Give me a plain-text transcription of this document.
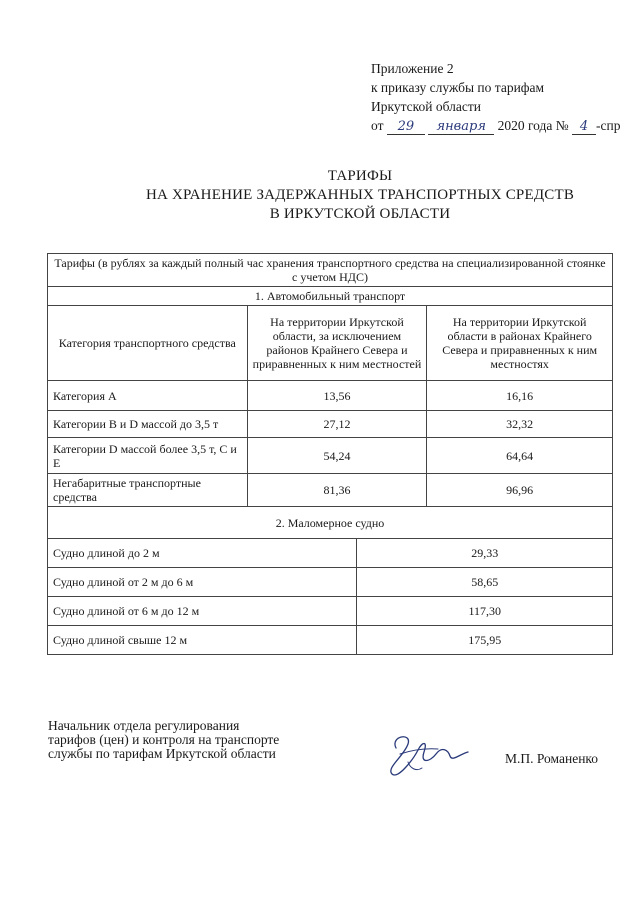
Приложение 2
к приказу службы по тарифам
Иркутской области
от 29 января 2020 года № 4 -спр
ТАРИФЫ
НА ХРАНЕНИЕ ЗАДЕРЖАННЫХ ТРАНСПОРТНЫХ СРЕДСТВ
В ИРКУТСКОЙ ОБЛАСТИ
Тарифы (в рублях за каждый полный час хранения транспортного средства на специализированной стоянке с учетом НДС)			
1. Автомобильный транспорт			
Категория транспортного средства	На территории Иркутской области, за исключением районов Крайнего Севера и приравненных к ним местностей		На территории Иркутской области в районах Крайнего Севера и приравненных к ним местностях
Категория А	13,56		16,16
Категории B и D массой до 3,5 т	27,12		32,32
Категории D массой более 3,5 т, C и E	54,24		64,64
Негабаритные транспортные средства	81,36		96,96
2. Маломерное судно			
Судно длиной до 2 м		29,33	
Судно длиной от 2 м до 6 м		58,65	
Судно длиной от 6 м до 12 м		117,30	
Судно длиной свыше 12 м		175,95	
Начальник отдела регулирования
тарифов (цен) и контроля на транспорте
службы по тарифам Иркутской области	М.П. Романенко
